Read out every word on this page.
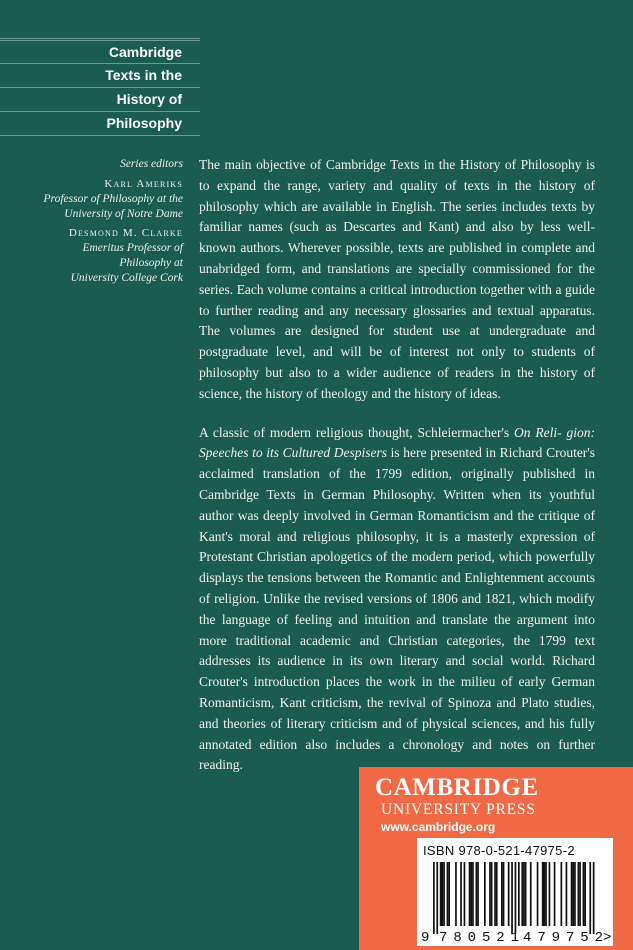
Cambridge
Texts in the
History of
Philosophy
Series editors
Karl Ameriks
Professor of Philosophy at the
University of Notre Dame
Desmond M. Clarke
Emeritus Professor of
Philosophy at
University College Cork

The main objective of Cambridge Texts in the History of Philosophy is to expand the range, variety and quality of texts in the history of philosophy which are available in English. The series includes texts by familiar names (such as Descartes and Kant) and also by less well-known authors. Wherever possible, texts are published in complete and unabridged form, and translations are specially commissioned for the series. Each volume contains a critical introduction together with a guide to further reading and any necessary glossaries and textual apparatus. The volumes are designed for student use at undergraduate and postgraduate level, and will be of interest not only to students of philosophy but also to a wider audience of readers in the history of science, the history of theology and the history of ideas.

A classic of modern religious thought, Schleiermacher's On Reli- gion: Speeches to its Cultured Despisers is here presented in Richard Crouter's acclaimed translation of the 1799 edition, originally published in Cambridge Texts in German Philosophy. Written when its youthful author was deeply involved in German Romanticism and the critique of Kant's moral and religious philosophy, it is a masterly expression of Protestant Christian apologetics of the modern period, which powerfully displays the tensions between the Romantic and Enlightenment accounts of religion. Unlike the revised versions of 1806 and 1821, which modify the language of feeling and intuition and translate the argument into more traditional academic and Christian categories, the 1799 text addresses its audience in its own literary and social world. Richard Crouter's introduction places the work in the milieu of early German Romanticism, Kant criticism, the revival of Spinoza and Plato studies, and theories of literary criticism and of physical sciences, and his fully annotated edition also includes a chronology and notes on further reading.

CAMBRIDGE
UNIVERSITY PRESS
www.cambridge.org
ISBN 978-0-521-47975-2
9 780521 479752 >
